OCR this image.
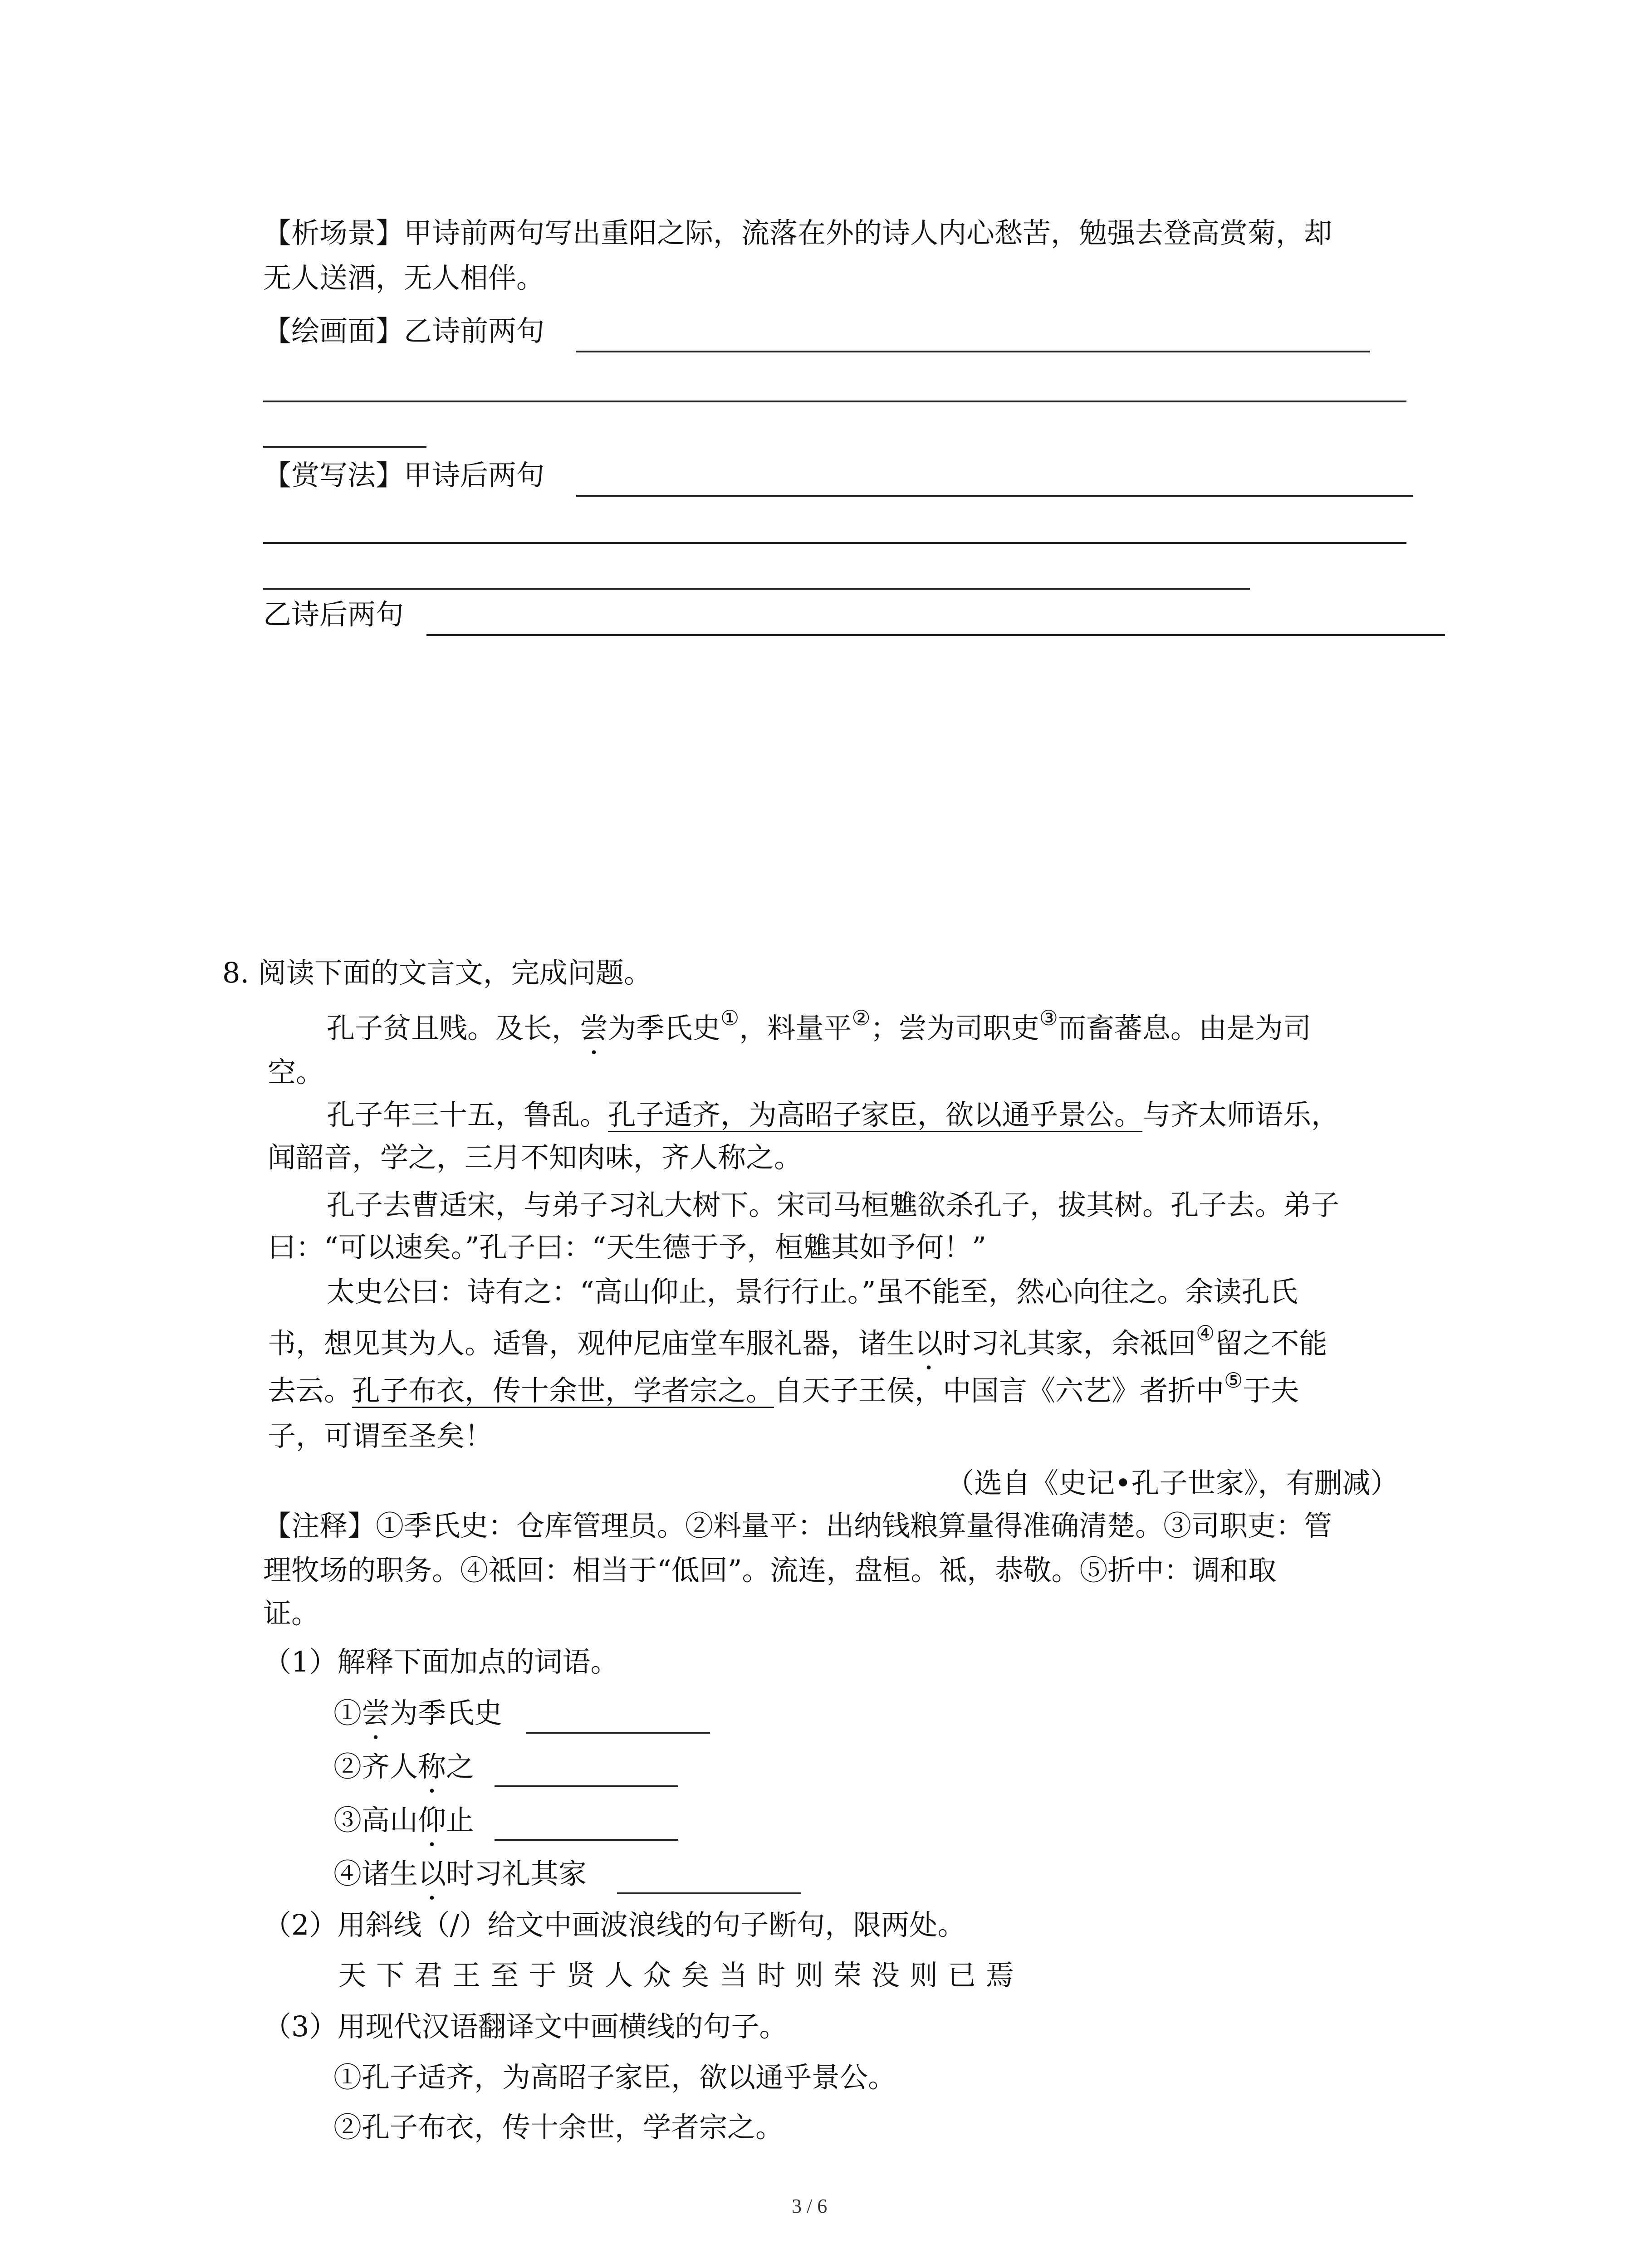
【析场景】甲诗前两句写出重阳之际，流落在外的诗人内心愁苦，勉强去登高赏菊，却

无人送酒，无人相伴。

【绘画面】乙诗前两句

【赏写法】甲诗后两句

乙诗后两句

8. 阅读下面的文言文，完成问题。

孔子贫且贱。及长，尝为季氏史①，料量平②；尝为司职吏③而畜蕃息。由是为司

空。

孔子年三十五，鲁乱。孔子适齐，为高昭子家臣，欲以通乎景公。与齐太师语乐，

闻韶音，学之，三月不知肉味，齐人称之。

孔子去曹适宋，与弟子习礼大树下。宋司马桓魋欲杀孔子，拔其树。孔子去。弟子

曰：“可以速矣。”孔子曰：“天生德于予，桓魋其如予何！”

太史公曰：诗有之：“高山仰止，景行行止。”虽不能至，然心向往之。余读孔氏

书，想见其为人。适鲁，观仲尼庙堂车服礼器，诸生以时习礼其家，余祗回④留之不能

去云。孔子布衣，传十余世，学者宗之。自天子王侯，中国言《六艺》者折中⑤于夫

子，可谓至圣矣！

（选自《史记•孔子世家》，有删减）

【注释】①季氏史：仓库管理员。②料量平：出纳钱粮算量得准确清楚。③司职吏：管

理牧场的职务。④祗回：相当于“低回”。流连，盘桓。祗，恭敬。⑤折中：调和取

证。

（1）解释下面加点的词语。

①尝为季氏史

②齐人称之

③高山仰止

④诸生以时习礼其家

（2）用斜线（/）给文中画波浪线的句子断句，限两处。

天下君王至于贤人众矣当时则荣没则已焉

（3）用现代汉语翻译文中画横线的句子。

①孔子适齐，为高昭子家臣，欲以通乎景公。

②孔子布衣，传十余世，学者宗之。

3 / 6
